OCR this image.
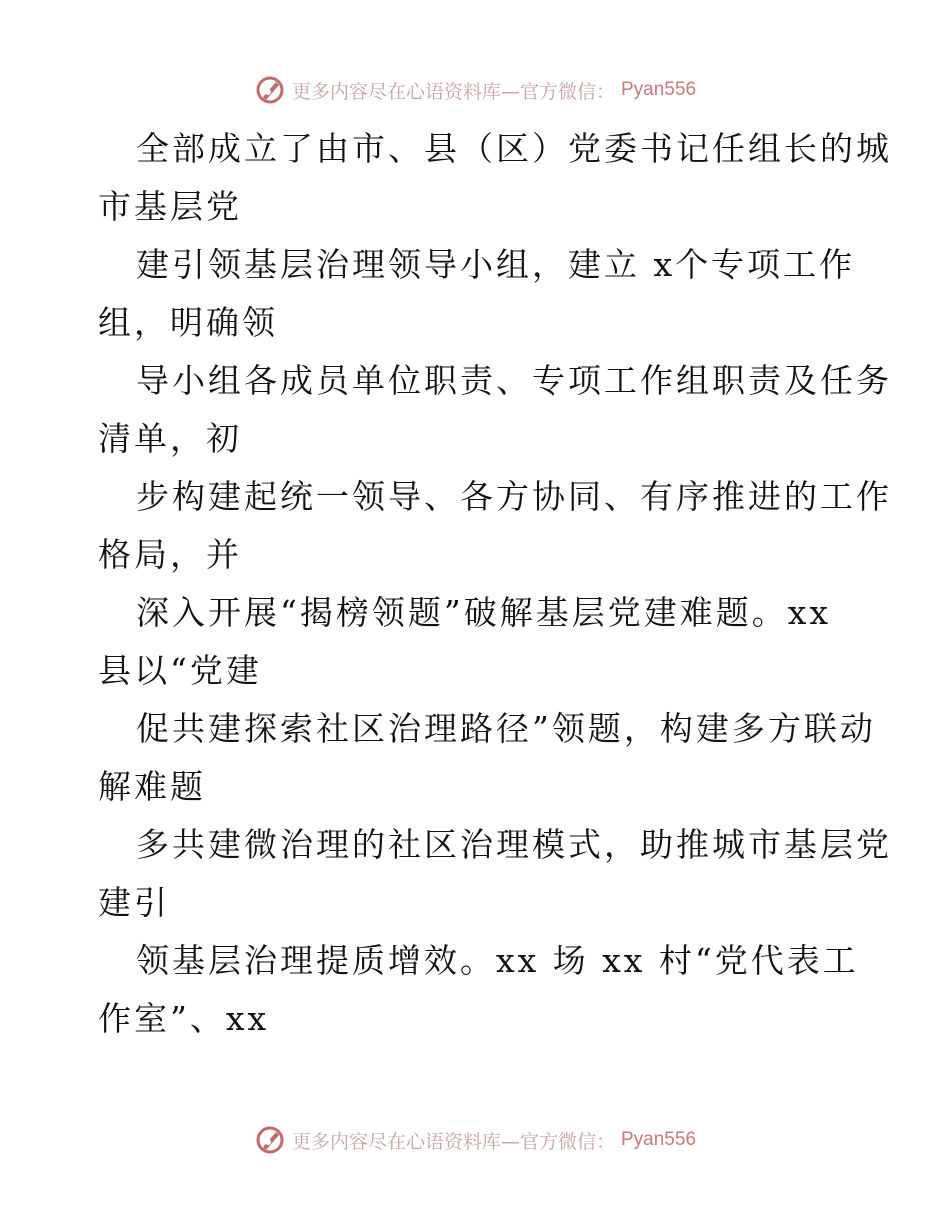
更多内容尽在心语资料库—官方微信： Pyan556

全部成立了由市、县（区）党委书记任组长的城
市基层党

建引领基层治理领导小组，建立 x个专项工作
组，明确领

导小组各成员单位职责、专项工作组职责及任务
清单，初

步构建起统一领导、各方协同、有序推进的工作
格局，并

深入开展“揭榜领题”破解基层党建难题。xx
县以“党建

促共建探索社区治理路径”领题，构建多方联动
解难题

多共建微治理的社区治理模式，助推城市基层党
建引

领基层治理提质增效。xx 场 xx 村“党代表工
作室”、xx

更多内容尽在心语资料库—官方微信： Pyan556
